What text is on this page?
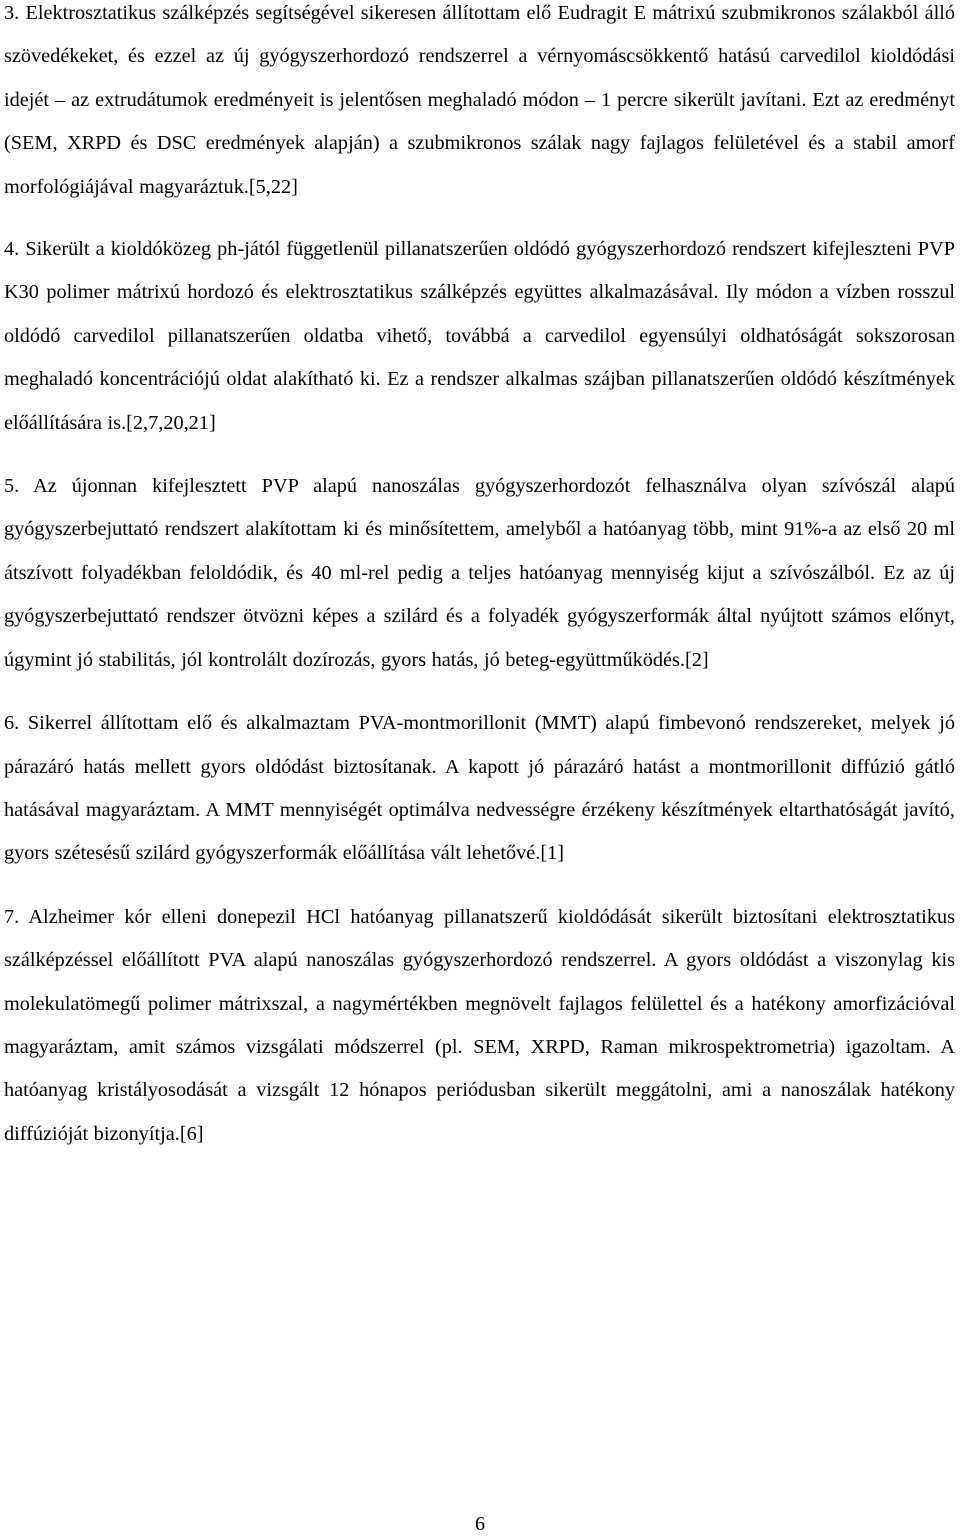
3. Elektrosztatikus szálképzés segítségével sikeresen állítottam elő Eudragit E mátrixú szubmikronos szálakból álló szövedékeket, és ezzel az új gyógyszerhordozó rendszerrel a vérnyomáscsökkentő hatású carvedilol kioldódási idejét – az extrudátumok eredményeit is jelentősen meghaladó módon – 1 percre sikerült javítani. Ezt az eredményt (SEM, XRPD és DSC eredmények alapján) a szubmikronos szálak nagy fajlagos felületével és a stabil amorf morfológiájával magyaráztuk.[5,22]

4. Sikerült a kioldóközeg ph-jától függetlenül pillanatszerűen oldódó gyógyszerhordozó rendszert kifejleszteni PVP K30 polimer mátrixú hordozó és elektrosztatikus szálképzés együttes alkalmazásával. Ily módon a vízben rosszul oldódó carvedilol pillanatszerűen oldatba vihető, továbbá a carvedilol egyensúlyi oldhatóságát sokszorosan meghaladó koncentrációjú oldat alakítható ki. Ez a rendszer alkalmas szájban pillanatszerűen oldódó készítmények előállítására is.[2,7,20,21]

5. Az újonnan kifejlesztett PVP alapú nanoszálas gyógyszerhordozót felhasználva olyan szívószál alapú gyógyszerbejuttató rendszert alakítottam ki és minősítettem, amelyből a hatóanyag több, mint 91%-a az első 20 ml átszívott folyadékban feloldódik, és 40 ml-rel pedig a teljes hatóanyag mennyiség kijut a szívószálból. Ez az új gyógyszerbejuttató rendszer ötvözni képes a szilárd és a folyadék gyógyszerformák által nyújtott számos előnyt, úgymint jó stabilitás, jól kontrolált dozírozás, gyors hatás, jó beteg-együttműködés.[2]

6. Sikerrel állítottam elő és alkalmaztam PVA-montmorillonit (MMT) alapú fimbevonó rendszereket, melyek jó párazáró hatás mellett gyors oldódást biztosítanak. A kapott jó párazáró hatást a montmorillonit diffúzió gátló hatásával magyaráztam. A MMT mennyiségét optimálva nedvességre érzékeny készítmények eltarthatóságát javító, gyors szétesésű szilárd gyógyszerformák előállítása vált lehetővé.[1]

7. Alzheimer kór elleni donepezil HCl hatóanyag pillanatszerű kioldódását sikerült biztosítani elektrosztatikus szálképzéssel előállított PVA alapú nanoszálas gyógyszerhordozó rendszerrel. A gyors oldódást a viszonylag kis molekulatömegű polimer mátrixszal, a nagymértékben megnövelt fajlagos felülettel és a hatékony amorfizációval magyaráztam, amit számos vizsgálati módszerrel (pl. SEM, XRPD, Raman mikrospektrometria) igazoltam. A hatóanyag kristályosodását a vizsgált 12 hónapos periódusban sikerült meggátolni, ami a nanoszálak hatékony diffúzióját bizonyítja.[6]

6
